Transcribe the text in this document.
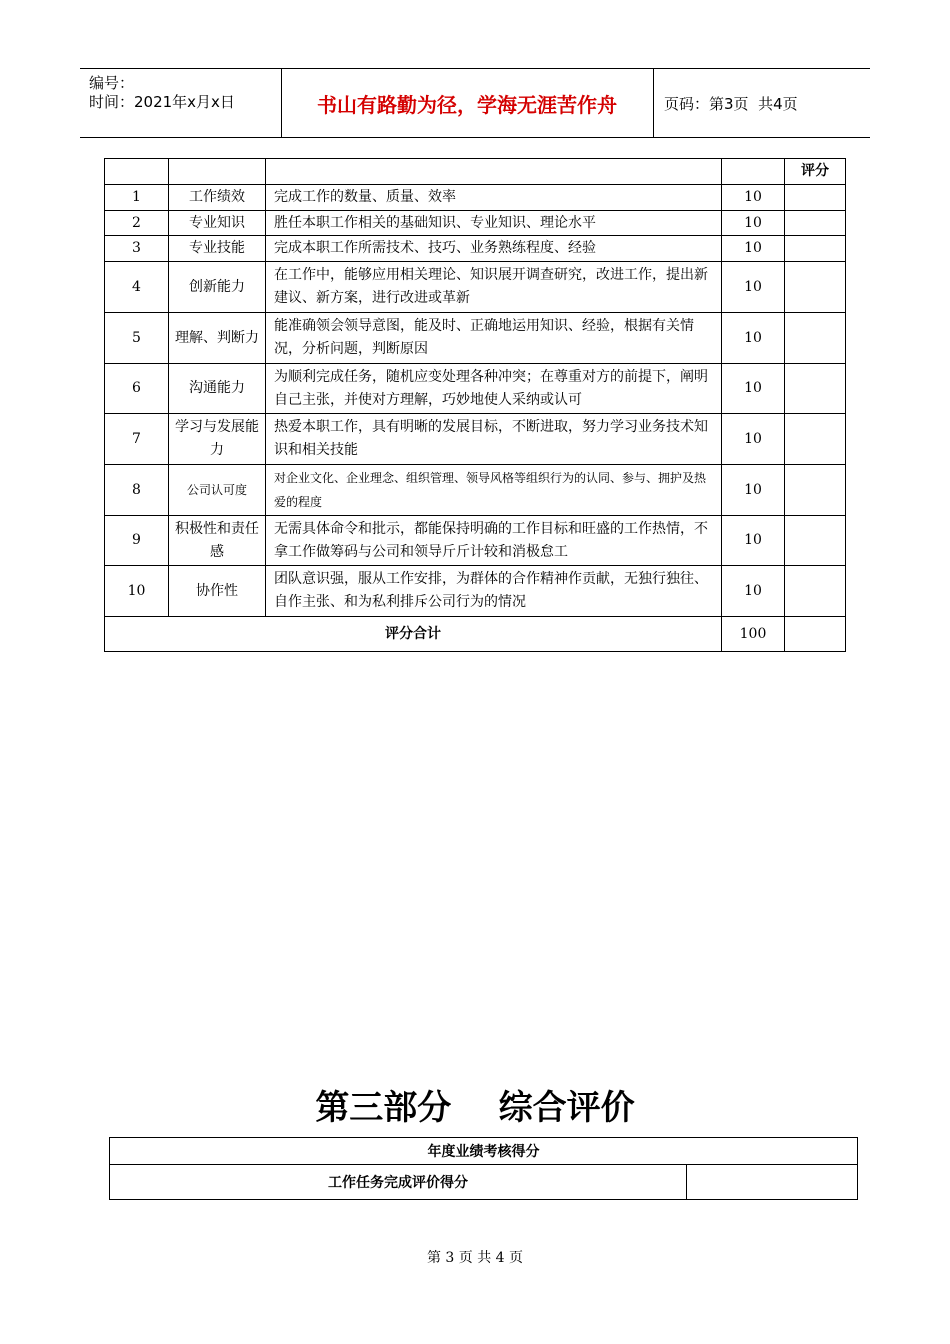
编号：
时间：2021年x月x日	书山有路勤为径，学海无涯苦作舟	页码：第3页  共4页
				评分
1	工作绩效	完成工作的数量、质量、效率	10	
2	专业知识	胜任本职工作相关的基础知识、专业知识、理论水平	10	
3	专业技能	完成本职工作所需技术、技巧、业务熟练程度、经验	10	
4	创新能力	在工作中，能够应用相关理论、知识展开调查研究，改进工作，提出新建议、新方案，进行改进或革新	10	
5	理解、判断力	能准确领会领导意图，能及时、正确地运用知识、经验，根据有关情况，分析问题，判断原因	10	
6	沟通能力	为顺利完成任务，随机应变处理各种冲突；在尊重对方的前提下，阐明自己主张，并使对方理解，巧妙地使人采纳或认可	10	
7	学习与发展能力	热爱本职工作，具有明晰的发展目标，不断进取，努力学习业务技术知识和相关技能	10	
8	公司认可度	对企业文化、企业理念、组织管理、领导风格等组织行为的认同、参与、拥护及热爱的程度	10	
9	积极性和责任感	无需具体命令和批示，都能保持明确的工作目标和旺盛的工作热情，不拿工作做筹码与公司和领导斤斤计较和消极怠工	10	
10	协作性	团队意识强，服从工作安排，为群体的合作精神作贡献，无独行独往、自作主张、和为私利排斥公司行为的情况	10	
评分合计			100	
第三部分    综合评价
年度业绩考核得分
工作任务完成评价得分	
第 3 页 共 4 页
